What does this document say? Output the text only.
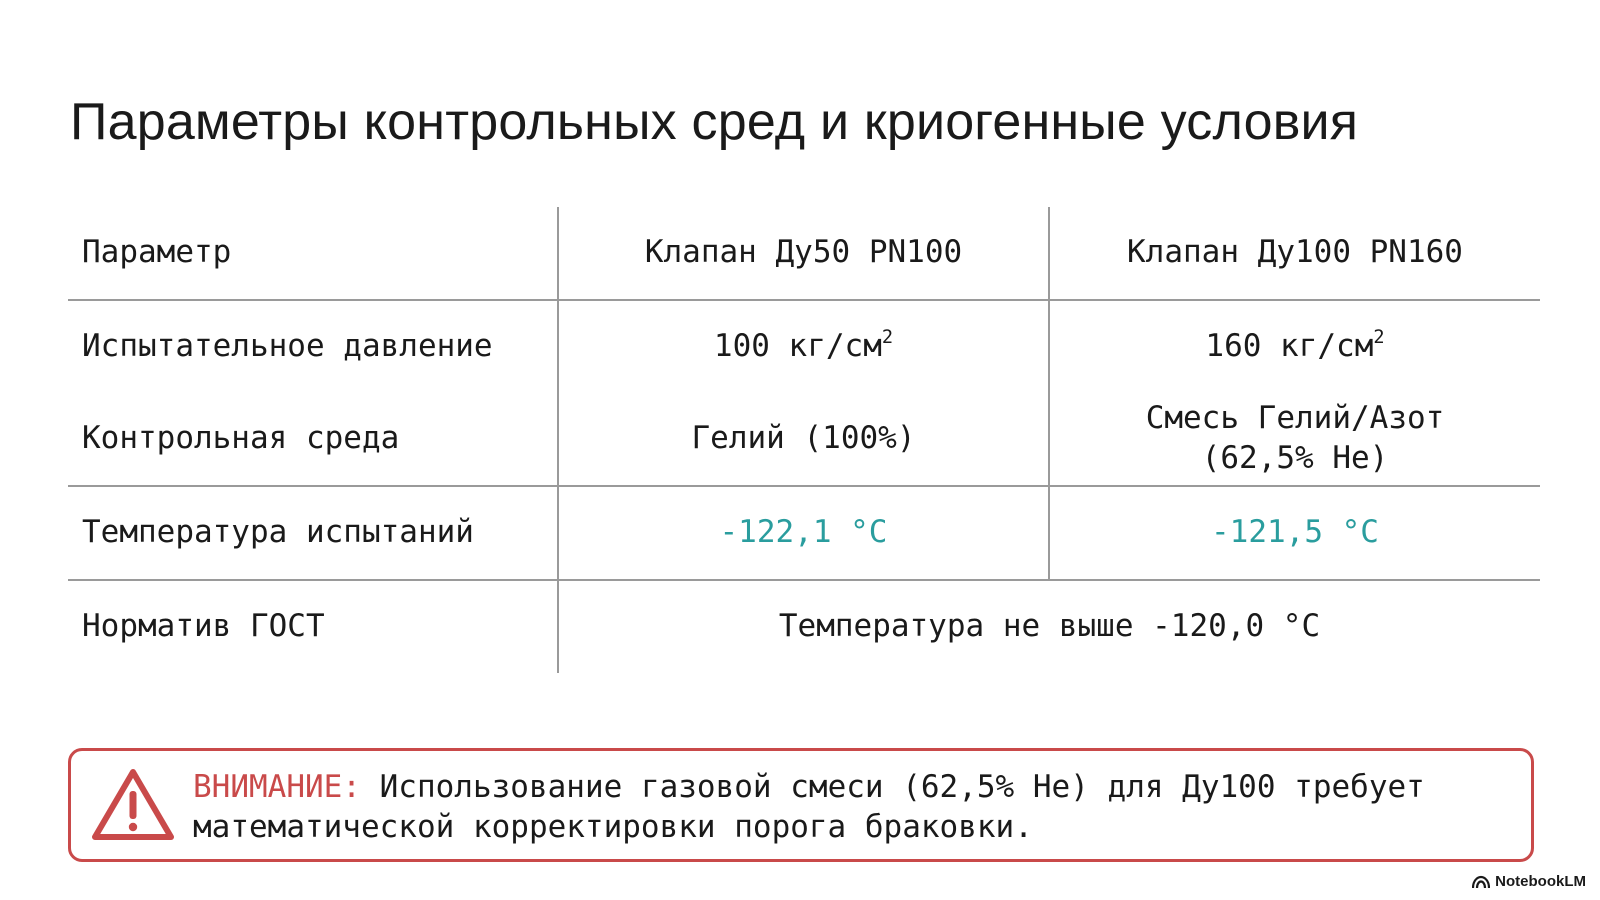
Параметры контрольных сред и криогенные условия
Параметр	Клапан Ду50 PN100	Клапан Ду100 PN160
Испытательное давление	100 $кг/см^2$	160 $кг/см^2$
Контрольная среда	Гелий (100%)	Смесь Гелий/Азот
(62,5% He)

Температура испытаний	-122,1 °C	-121,5 °C
Норматив ГОСТ	Температура не выше -120,0 °C	
ВНИМАНИЕ: Использование газовой смеси (62,5% He) для Ду100 требует математической корректировки порога браковки.
NotebookLM
